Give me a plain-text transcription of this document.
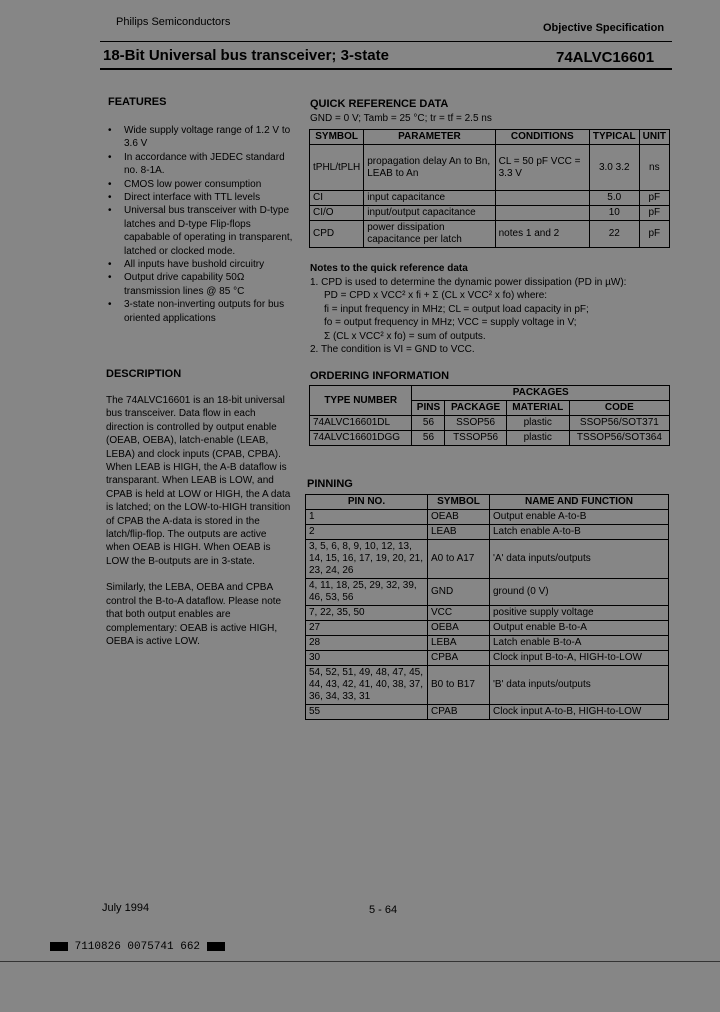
Philips Semiconductors	Objective Specification
18-Bit Universal bus transceiver; 3-state	74ALVC16601
FEATURES
• Wide supply voltage range of 1.2 V to 3.6 V
• In accordance with JEDEC standard no. 8-1A.
• CMOS low power consumption
• Direct interface with TTL levels
• Universal bus transceiver with D-type latches and D-type Flip-flops capabable of operating in transparent, latched or clocked mode.
• All inputs have bushold circuitry
• Output drive capability 50Ω transmission lines @ 85 °C
• 3-state non-inverting outputs for bus oriented applications
DESCRIPTION

The 74ALVC16601 is an 18-bit universal bus transceiver. Data flow in each direction is controlled by output enable (OEAB, OEBA), latch-enable (LEAB, LEBA) and clock inputs (CPAB, CPBA). When LEAB is HIGH, the A-B dataflow is transparant. When LEAB is LOW, and CPAB is held at LOW or HIGH, the A data is latched; on the LOW-to-HIGH transition of CPAB the A-data is stored in the latch/flip-flop. The outputs are active when OEAB is HIGH. When OEAB is LOW the B-outputs are in 3-state.

Similarly, the LEBA, OEBA and CPBA control the B-to-A dataflow. Please note that both output enables are complementary: OEAB is active HIGH, OEBA is active LOW.

QUICK REFERENCE DATA
GND = 0 V; Tamb = 25 °C; tr = tf = 2.5 ns
SYMBOL	PARAMETER	CONDITIONS	TYPICAL	UNIT
tPHL/tPLH	propagation delay An to Bn, LEAB to An	CL = 50 pF VCC = 3.3 V	3.0 3.2	ns
CI	input capacitance		5.0	pF
CI/O	input/output capacitance		10	pF
CPD	power dissipation capacitance per latch	notes 1 and 2	22	pF
Notes to the quick reference data
1. CPD is used to determine the dynamic power dissipation (PD in µW):
PD = CPD x VCC² x fi + Σ (CL x VCC² x fo) where:
fi = input frequency in MHz; CL = output load capacity in pF;
fo = output frequency in MHz; VCC = supply voltage in V;
Σ (CL x VCC² x fo) = sum of outputs.
2. The condition is VI = GND to VCC.
ORDERING INFORMATION
TYPE NUMBER	PACKAGES			
	PINS	PACKAGE	MATERIAL	CODE
74ALVC16601DL	56	SSOP56	plastic	SSOP56/SOT371
74ALVC16601DGG	56	TSSOP56	plastic	TSSOP56/SOT364
PINNING
PIN NO.	SYMBOL	NAME AND FUNCTION
1	OEAB	Output enable A-to-B
2	LEAB	Latch enable A-to-B
3, 5, 6, 8, 9, 10, 12, 13, 14, 15, 16, 17, 19, 20, 21, 23, 24, 26	A0 to A17	'A' data inputs/outputs
4, 11, 18, 25, 29, 32, 39, 46, 53, 56	GND	ground (0 V)
7, 22, 35, 50	VCC	positive supply voltage
27	OEBA	Output enable B-to-A
28	LEBA	Latch enable B-to-A
30	CPBA	Clock input B-to-A, HIGH-to-LOW
54, 52, 51, 49, 48, 47, 45, 44, 43, 42, 41, 40, 38, 37, 36, 34, 33, 31	B0 to B17	'B' data inputs/outputs
55	CPAB	Clock input A-to-B, HIGH-to-LOW
July 1994	5 - 64
7110826 0075741 662
